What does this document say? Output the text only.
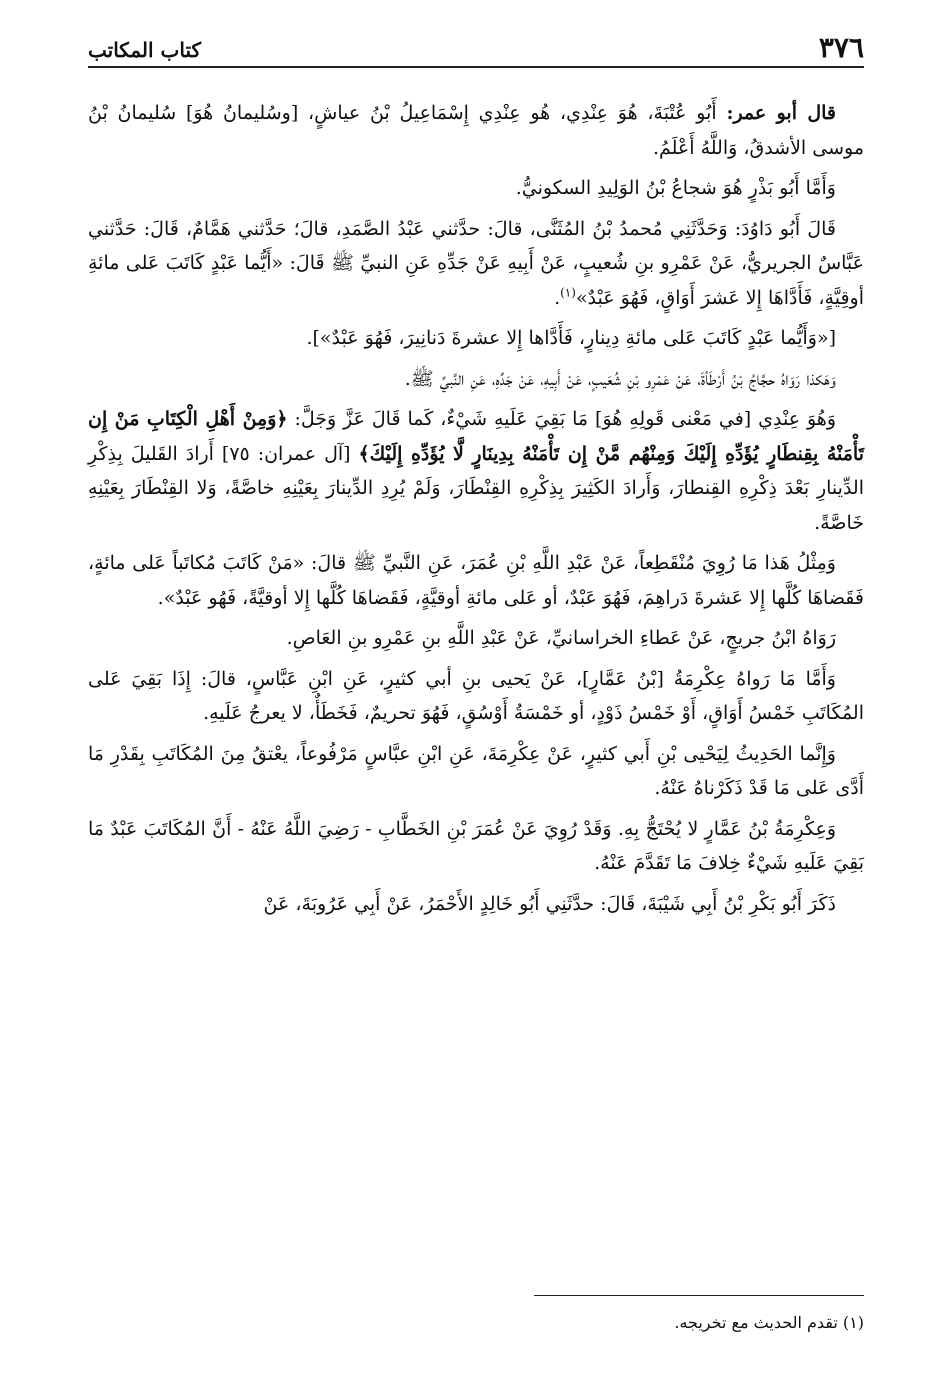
٣٧٦
كتاب المكاتب

قال أبو عمر: أَبُو عُتْبَةَ، هُوَ عِنْدِي، هُو عِنْدِي إِسْمَاعِيلُ بْنُ عياشٍ، [وسُليمانُ هُوَ] سُليمانُ بْنُ موسى الأشدقُ، وَاللَّهُ أَعْلَمُ.

وَأَمَّا أَبُو بَذْرٍ هُوَ شجاعُ بْنُ الوَلِيدِ السكونيُّ.

قَالَ أَبُو دَاوُدَ: وَحَدَّثَنِي مُحمدُ بْنُ المُثَنَّى، قالَ: حدَّثني عَبْدُ الصَّمَدِ، قالَ؛ حَدَّثني هَمَّامٌ، قَالَ: حَدَّثني عَبَّاسٌ الجريريُّ، عَنْ عَمْرِو بنِ شُعيبٍ، عَنْ أَبِيهِ عَنْ جَدِّهِ عَنِ النبيِّ ﷺ قَالَ: «أَيُّما عَبْدٍ كَاتَبَ عَلى مائةِ أوقِيَّةٍ، فَأَدَّاهَا إِلا عَشرَ أَوَاقٍ، فَهُوَ عَبْدٌ»$^{(١)}$.

[«وَأَيُّما عَبْدٍ كَاتَبَ عَلى مائةِ دِينارٍ، فَأَدَّاها إِلا عشرةَ دَنانِيرَ، فَهُوَ عَبْدٌ»].

وَهَكذا رَوَاهُ حجَّاجُ بْنُ أَرْطَأةَ، عَنْ عَمْرِو بْنِ شُعَيبٍ، عَنْ أَبِيهِ، عَنْ جَدِّهِ، عَنِ النَّبيِّ ﷺ.

وَهُوَ عِنْدِي [في مَعْنى قَولِهِ هُوَ] مَا بَقِيَ عَلَيهِ شَيْءٌ، كَما قَالَ عَزَّ وَجَلَّ: ﴿وَمِنْ أَهْلِ الْكِتَابِ مَنْ إِن تَأْمَنْهُ بِقِنطَارٍ يُؤَدِّهِ إِلَيْكَ وَمِنْهُم مَّنْ إِن تَأْمَنْهُ بِدِينَارٍ لَّا يُؤَدِّهِ إِلَيْكَ﴾ [آل عمران: ٧٥] أَرادَ القَليلَ بِذِكْرِ الدِّينارِ بَعْدَ ذِكْرِهِ القِنطارَ، وَأَرادَ الكَثِيرَ بِذِكْرِهِ القِنْطَارَ، وَلَمْ يُرِدِ الدِّينارَ بِعَيْنِهِ خاصَّةً، وَلا القِنْطَارَ بِعَيْنِهِ خَاصَّةً.

وَمِثْلُ هَذا مَا رُوِيَ مُنْقَطِعاً، عَنْ عَبْدِ اللَّهِ بْنِ عُمَرَ، عَنِ النَّبيِّ ﷺ قالَ: «مَنْ كَاتَبَ مُكاتَباً عَلى مائةٍ، فَقَضاهَا كُلَّها إِلا عَشرةَ دَراهِمَ، فَهُوَ عَبْدٌ، أو عَلى مائةِ أوقيَّةٍ، فَقَضاهَا كُلَّها إِلا أوقيَّةً، فَهُو عَبْدٌ».

رَوَاهُ ابْنُ جريجٍ، عَنْ عَطاءِ الخراسانيِّ، عَنْ عَبْدِ اللَّهِ بنِ عَمْرِو بنِ العَاصِ.

وَأَمَّا مَا رَواهُ عِكْرِمَةُ [بْنُ عَمَّارٍ]، عَنْ يَحيى بنِ أبي كثيرٍ، عَنِ ابْنِ عَبَّاسٍ، قالَ: إِذَا بَقِيَ عَلى المُكَاتَبِ خَمْسُ أَوَاقٍ، أَوْ خَمْسُ ذَوْدٍ، أو خَمْسَةُ أَوْسُقٍ، فَهُوَ تحريمٌ، فَخَطَأٌ، لا يعرجُ عَلَيهِ.

وَإِنَّما الحَدِيثُ لِيَحْيى بْنِ أَبي كثيرٍ، عَنْ عِكْرِمَةَ، عَنِ ابْنِ عبَّاسٍ مَرْفُوعاً، يعْتقُ مِنَ المُكَاتَبِ بِقَدْرِ مَا أَدَّى عَلى مَا قَدْ ذَكَرْناهُ عَنْهُ.

وَعِكْرِمَةُ بْنُ عَمَّارٍ لا يُحْتَجُّ بِهِ. وَقَدْ رُوِيَ عَنْ عُمَرَ بْنِ الخَطَّابِ - رَضِيَ اللَّهُ عَنْهُ - أَنَّ المُكَاتَبَ عَبْدٌ مَا بَقِيَ عَلَيهِ شَيْءٌ خِلافَ مَا تَقَدَّمَ عَنْهُ.

ذَكَرَ أَبُو بَكْرِ بْنُ أَبِي شَيْبَةَ، قَالَ: حدَّثَنِي أَبُو خَالِدٍ الأَحْمَرُ، عَنْ أَبِي عَرُوبَةَ، عَنْ

(١) تقدم الحديث مع تخريجه.
